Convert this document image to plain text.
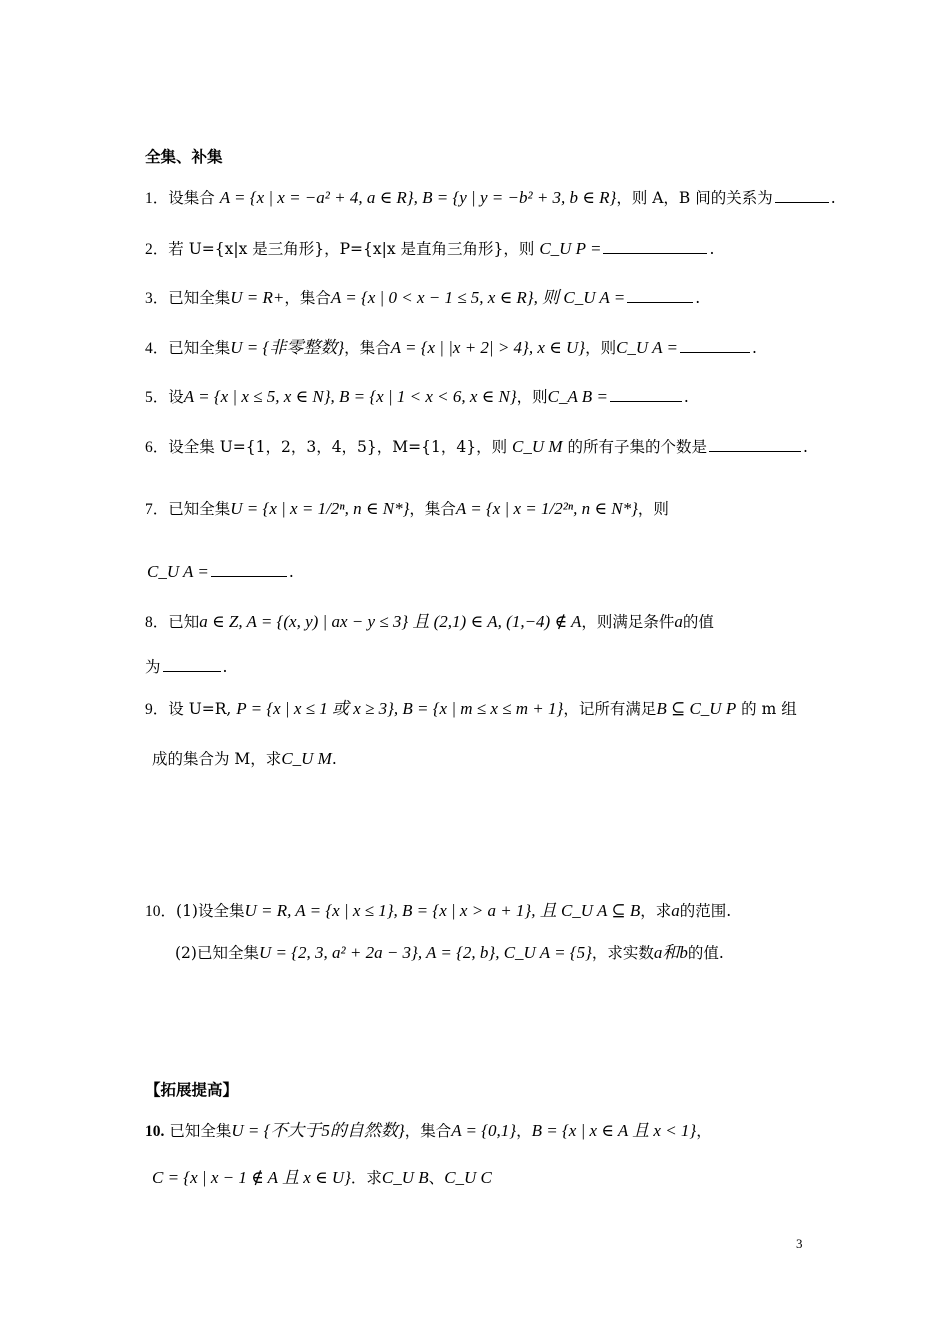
全集、补集
1．设集合 A = {x | x = −a² + 4, a ∈ R}, B = {y | y = −b² + 3, b ∈ R}，则 A，B 间的关系为	.
2．若 U={x|x 是三角形}，P={x|x 是直角三角形}，则 C_U P =	.
3．已知全集U = R+，集合A = {x | 0 < x − 1 ≤ 5, x ∈ R}, 则 C_U A =	.
4．已知全集U = {非零整数}，集合A = {x | |x + 2| > 4}, x ∈ U}，则C_U A =	.
5．设A = {x | x ≤ 5, x ∈ N}, B = {x | 1 < x < 6, x ∈ N}，则C_A B =	.
6．设全集 U={1，2，3，4，5}，M={1，4}，则 C_U M 的所有子集的个数是	.
7．已知全集U = {x | x = 1/2ⁿ, n ∈ N*}，集合A = {x | x = 1/2²ⁿ, n ∈ N*}，则
C_U A =	.
8．已知a ∈ Z, A = {(x, y) | ax − y ≤ 3} 且 (2,1) ∈ A, (1,−4) ∉ A，则满足条件a的值
为	.
9．设 U=R, P = {x | x ≤ 1 或 x ≥ 3}, B = {x | m ≤ x ≤ m + 1}，记所有满足B ⊆ C_U P 的 m 组
成的集合为 M，求C_U M.
10．(1)设全集U = R, A = {x | x ≤ 1}, B = {x | x > a + 1}, 且 C_U A ⊆ B，求a的范围.
(2)已知全集U = {2, 3, a² + 2a − 3}, A = {2, b}, C_U A = {5}，求实数a和b的值.
【拓展提高】
10. 已知全集U = {不大于5的自然数}，集合A = {0,1}，B = {x | x ∈ A 且 x < 1}，
C = {x | x − 1 ∉ A 且 x ∈ U}．求C_U B、C_U C
3
